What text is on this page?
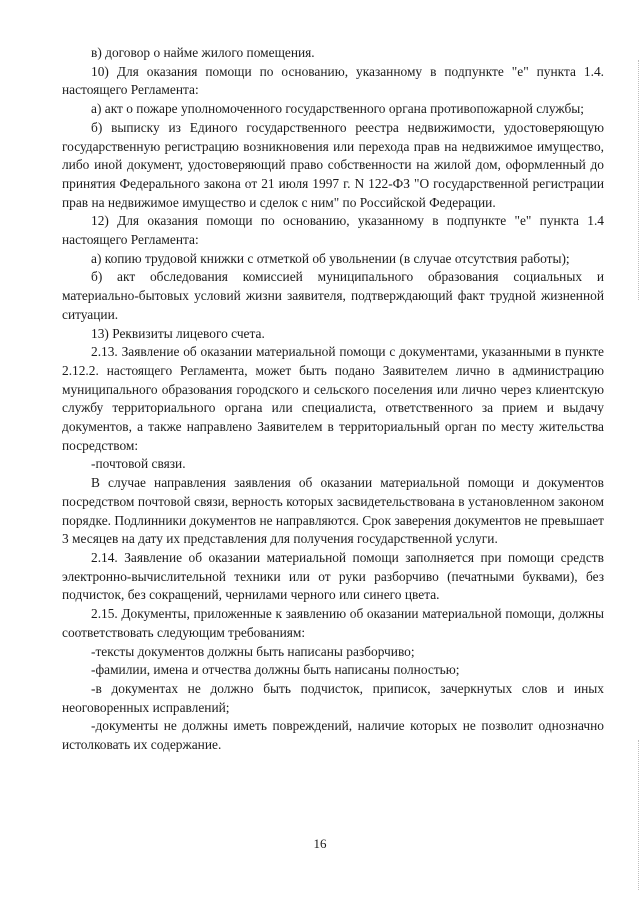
в) договор о найме жилого помещения.

10) Для оказания помощи по основанию, указанному в подпункте "е" пункта 1.4. настоящего Регламента:

а) акт о пожаре уполномоченного государственного органа противопожарной службы;

б) выписку из Единого государственного реестра недвижимости, удостоверяющую государственную регистрацию возникновения или перехода прав на недвижимое имущество, либо иной документ, удостоверяющий право собственности на жилой дом, оформленный до принятия Федерального закона от 21 июля 1997 г. N 122-ФЗ "О государственной регистрации прав на недвижимое имущество и сделок с ним" по Российской Федерации.

12) Для оказания помощи по основанию, указанному в подпункте "е" пункта 1.4 настоящего Регламента:

а) копию трудовой книжки с отметкой об увольнении (в случае отсутствия работы);

б) акт обследования комиссией муниципального образования социальных и материально-бытовых условий жизни заявителя, подтверждающий факт трудной жизненной ситуации.

13) Реквизиты лицевого счета.

2.13. Заявление об оказании материальной помощи с документами, указанными в пункте 2.12.2. настоящего Регламента, может быть подано Заявителем лично в администрацию муниципального образования городского и сельского поселения или лично через клиентскую службу территориального органа или специалиста, ответственного за прием и выдачу документов, а также направлено Заявителем в территориальный орган по месту жительства посредством:

-почтовой связи.

В случае направления заявления об оказании материальной помощи и документов посредством почтовой связи, верность которых засвидетельствована в установленном законом порядке. Подлинники документов не направляются. Срок заверения документов не превышает 3 месяцев на дату их представления для получения государственной услуги.

2.14. Заявление об оказании материальной помощи заполняется при помощи средств электронно-вычислительной техники или от руки разборчиво (печатными буквами), без подчисток, без сокращений, чернилами черного или синего цвета.

2.15. Документы, приложенные к заявлению об оказании материальной помощи, должны соответствовать следующим требованиям:

-тексты документов должны быть написаны разборчиво;

-фамилии, имена и отчества должны быть написаны полностью;

-в документах не должно быть подчисток, приписок, зачеркнутых слов и иных неоговоренных исправлений;

-документы не должны иметь повреждений, наличие которых не позволит однозначно истолковать их содержание.

16
